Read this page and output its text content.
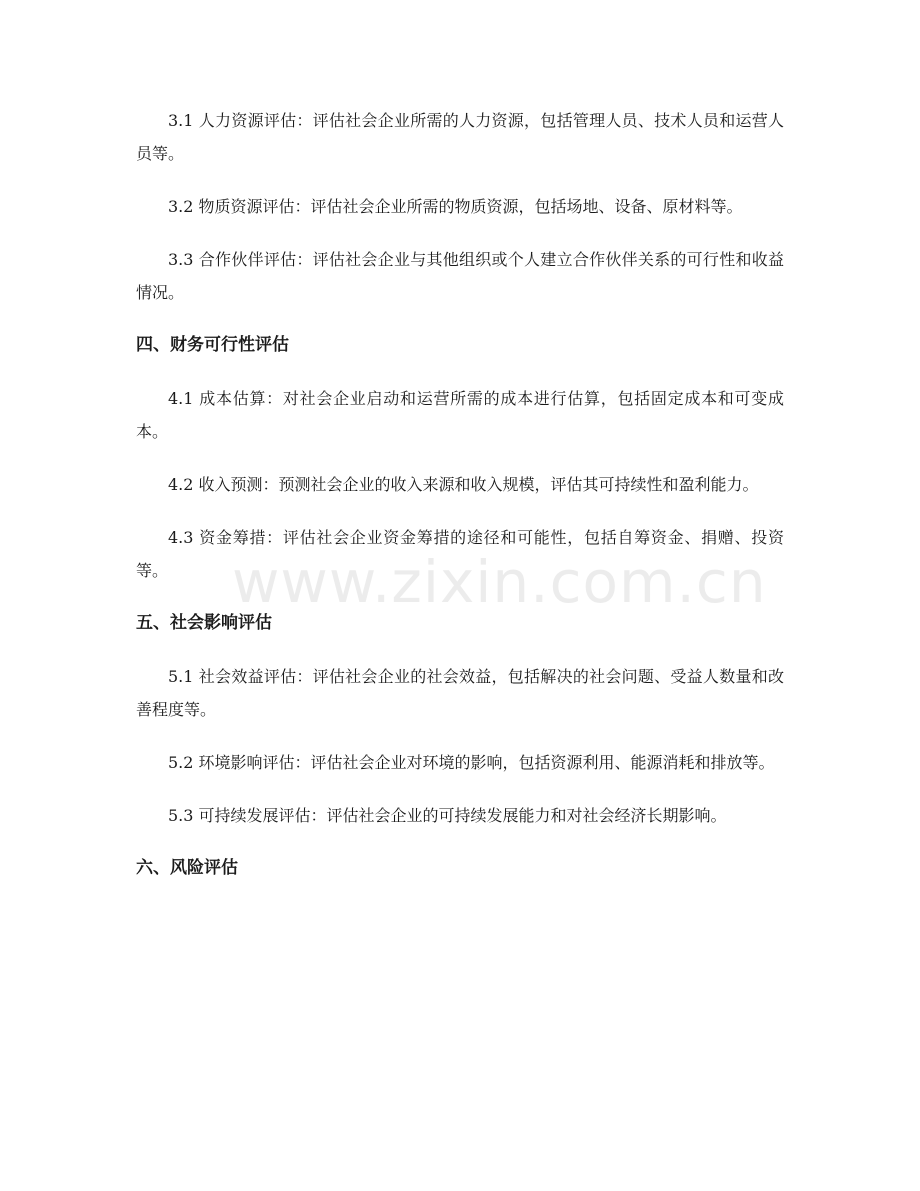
3.1 人力资源评估：评估社会企业所需的人力资源，包括管理人员、技术人员和运营人员等。

3.2 物质资源评估：评估社会企业所需的物质资源，包括场地、设备、原材料等。

3.3 合作伙伴评估：评估社会企业与其他组织或个人建立合作伙伴关系的可行性和收益情况。

四、财务可行性评估

4.1 成本估算：对社会企业启动和运营所需的成本进行估算，包括固定成本和可变成本。

4.2 收入预测：预测社会企业的收入来源和收入规模，评估其可持续性和盈利能力。

4.3 资金筹措：评估社会企业资金筹措的途径和可能性，包括自筹资金、捐赠、投资等。

五、社会影响评估

5.1 社会效益评估：评估社会企业的社会效益，包括解决的社会问题、受益人数量和改善程度等。

5.2 环境影响评估：评估社会企业对环境的影响，包括资源利用、能源消耗和排放等。

5.3 可持续发展评估：评估社会企业的可持续发展能力和对社会经济长期影响。

六、风险评估
www.zixin.com.cn
